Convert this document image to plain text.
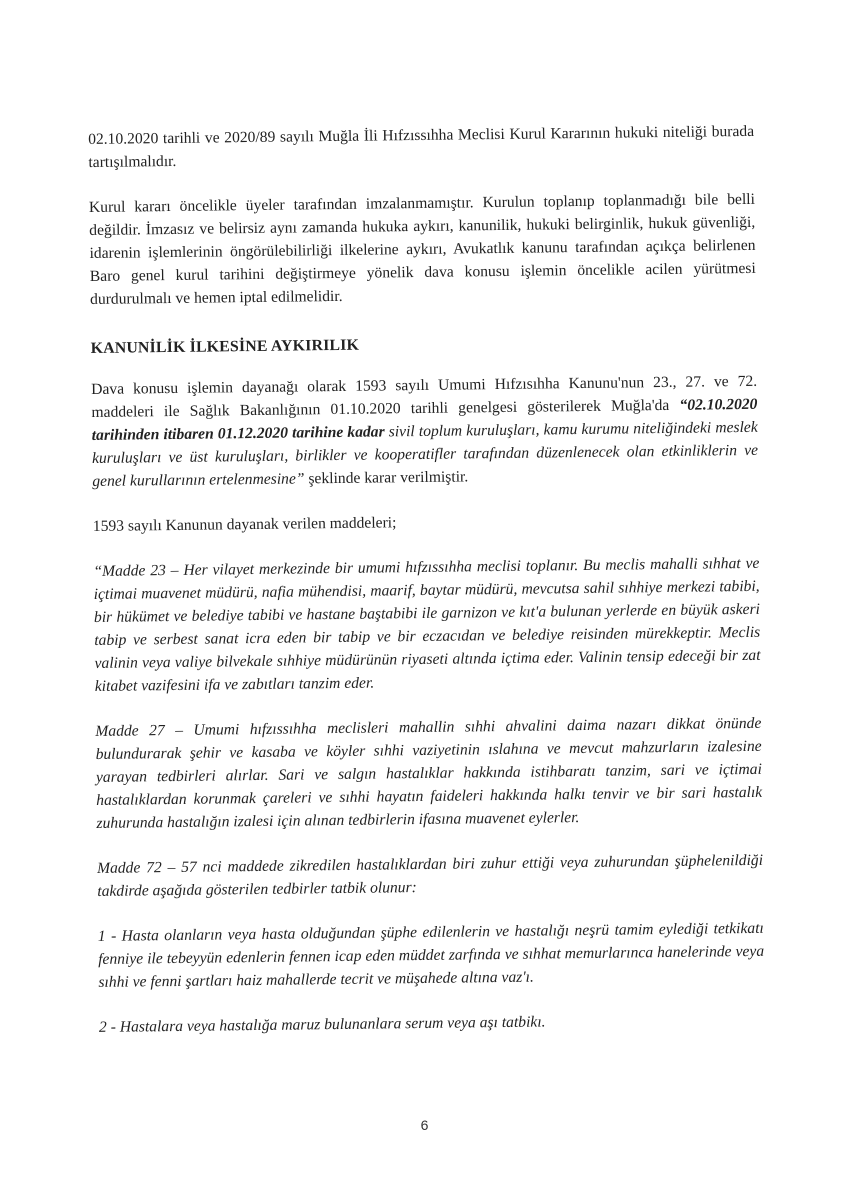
02.10.2020 tarihli ve 2020/89 sayılı Muğla İli Hıfzıssıhha Meclisi Kurul Kararının hukuki niteliği burada tartışılmalıdır.

Kurul kararı öncelikle üyeler tarafından imzalanmamıştır. Kurulun toplanıp toplanmadığı bile belli değildir. İmzasız ve belirsiz aynı zamanda hukuka aykırı, kanunilik, hukuki belirginlik, hukuk güvenliği, idarenin işlemlerinin öngörülebilirliği ilkelerine aykırı, Avukatlık kanunu tarafından açıkça belirlenen Baro genel kurul tarihini değiştirmeye yönelik dava konusu işlemin öncelikle acilen yürütmesi durdurulmalı ve hemen iptal edilmelidir.

KANUNİLİK İLKESİNE AYKIRILIK

Dava konusu işlemin dayanağı olarak 1593 sayılı Umumi Hıfzısıhha Kanunu'nun 23., 27. ve 72. maddeleri ile Sağlık Bakanlığının 01.10.2020 tarihli genelgesi gösterilerek Muğla'da “02.10.2020 tarihinden itibaren 01.12.2020 tarihine kadar sivil toplum kuruluşları, kamu kurumu niteliğindeki meslek kuruluşları ve üst kuruluşları, birlikler ve kooperatifler tarafından düzenlenecek olan etkinliklerin ve genel kurullarının ertelenmesine” şeklinde karar verilmiştir.

1593 sayılı Kanunun dayanak verilen maddeleri;

“Madde 23 – Her vilayet merkezinde bir umumi hıfzıssıhha meclisi toplanır. Bu meclis mahalli sıhhat ve içtimai muavenet müdürü, nafia mühendisi, maarif, baytar müdürü, mevcutsa sahil sıhhiye merkezi tabibi, bir hükümet ve belediye tabibi ve hastane baştabibi ile garnizon ve kıt'a bulunan yerlerde en büyük askeri tabip ve serbest sanat icra eden bir tabip ve bir eczacıdan ve belediye reisinden mürekkeptir. Meclis valinin veya valiye bilvekale sıhhiye müdürünün riyaseti altında içtima eder. Valinin tensip edeceği bir zat kitabet vazifesini ifa ve zabıtları tanzim eder.

Madde 27 – Umumi hıfzıssıhha meclisleri mahallin sıhhi ahvalini daima nazarı dikkat önünde bulundurarak şehir ve kasaba ve köyler sıhhi vaziyetinin ıslahına ve mevcut mahzurların izalesine yarayan tedbirleri alırlar. Sari ve salgın hastalıklar hakkında istihbaratı tanzim, sari ve içtimai hastalıklardan korunmak çareleri ve sıhhi hayatın faideleri hakkında halkı tenvir ve bir sari hastalık zuhurunda hastalığın izalesi için alınan tedbirlerin ifasına muavenet eylerler.

Madde 72 – 57 nci maddede zikredilen hastalıklardan biri zuhur ettiği veya zuhurundan şüphelenildiği takdirde aşağıda gösterilen tedbirler tatbik olunur:

1 - Hasta olanların veya hasta olduğundan şüphe edilenlerin ve hastalığı neşrü tamim eylediği tetkikatı fenniye ile tebeyyün edenlerin fennen icap eden müddet zarfında ve sıhhat memurlarınca hanelerinde veya sıhhi ve fenni şartları haiz mahallerde tecrit ve müşahede altına vaz'ı.

2 - Hastalara veya hastalığa maruz bulunanlara serum veya aşı tatbikı.

6
